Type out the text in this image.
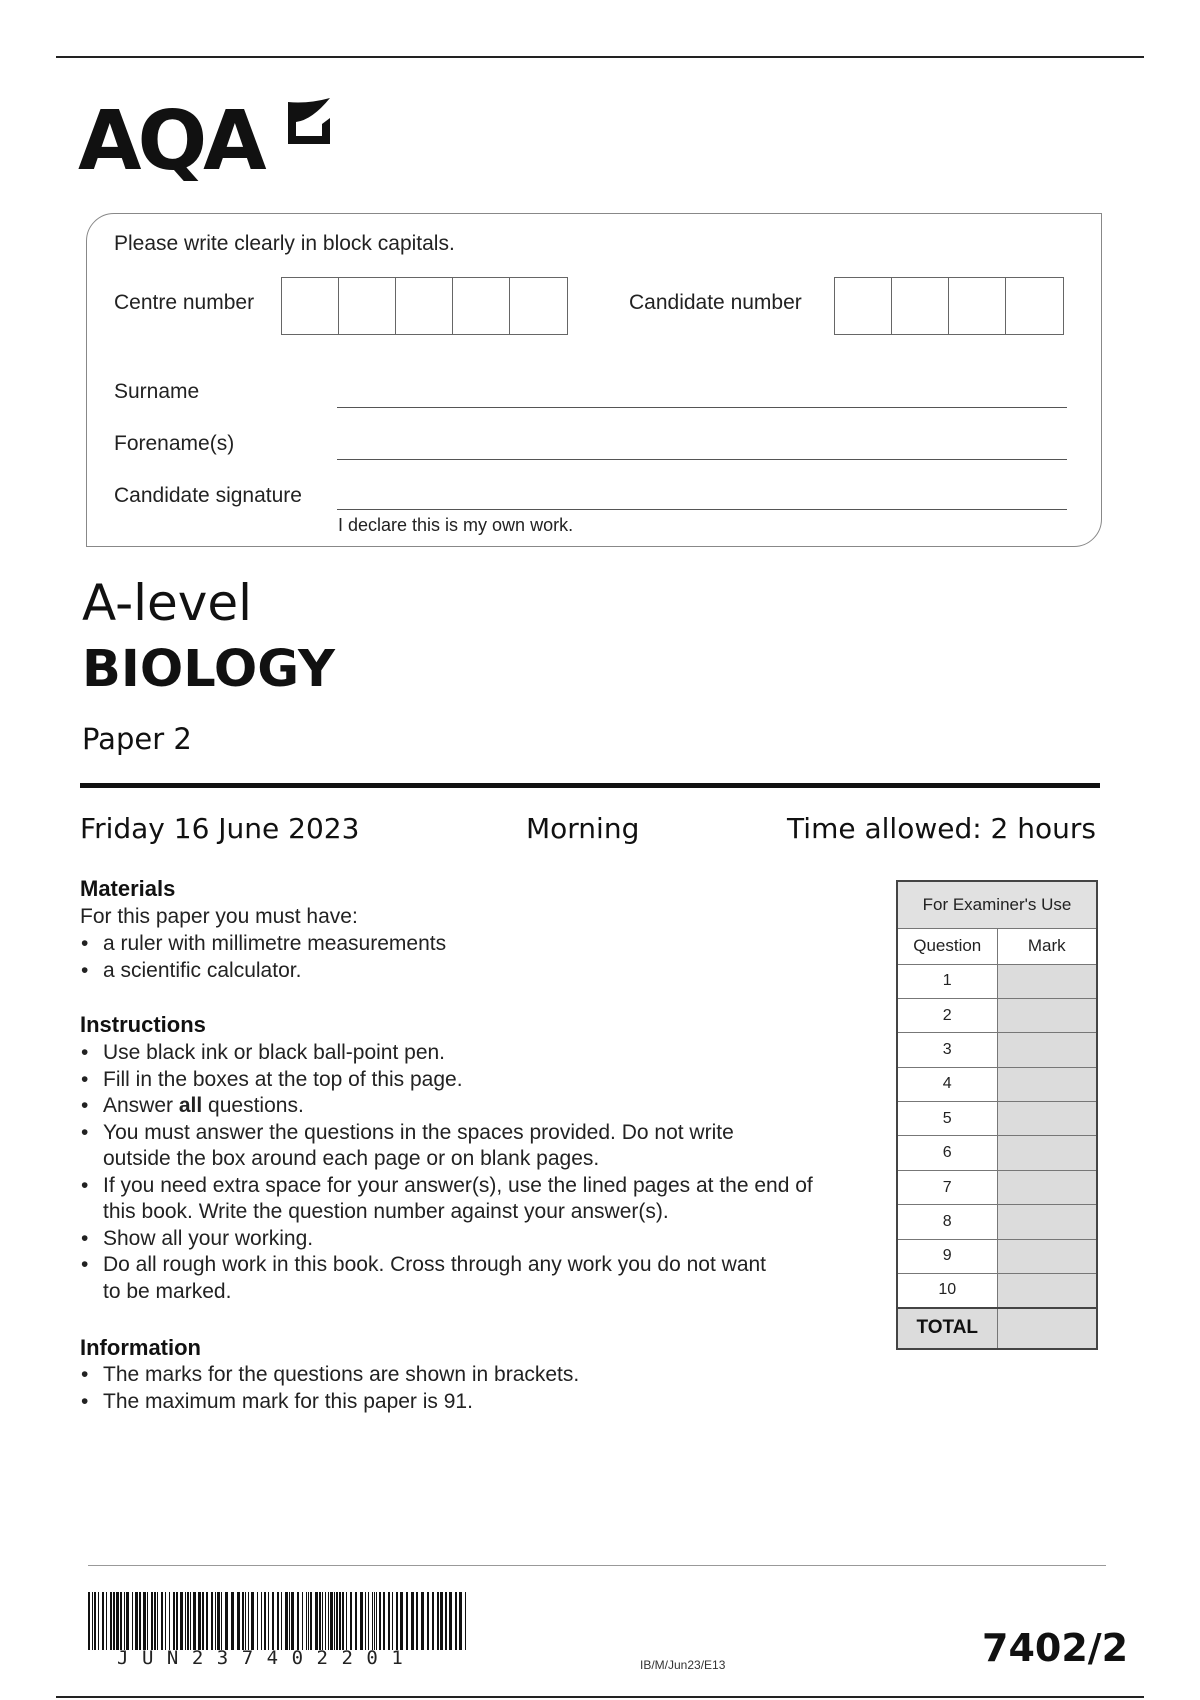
AQA
Please write clearly in block capitals.
Centre number	Candidate number
Surname
Forename(s)
Candidate signature
I declare this is my own work.
A-level
BIOLOGY
Paper 2
Friday 16 June 2023	Morning	Time allowed: 2 hours
Materials
For this paper you must have:
• a ruler with millimetre measurements
• a scientific calculator.
Instructions
• Use black ink or black ball-point pen.
• Fill in the boxes at the top of this page.
• Answer all questions.
• You must answer the questions in the spaces provided. Do not write
outside the box around each page or on blank pages.
• If you need extra space for your answer(s), use the lined pages at the end of
this book. Write the question number against your answer(s).
• Show all your working.
• Do all rough work in this book. Cross through any work you do not want
to be marked.
Information
• The marks for the questions are shown in brackets.
• The maximum mark for this paper is 91.
For Examiner's Use	
Question	Mark
1	
2	
3	
4	
5	
6	
7	
8	
9	
10	
TOTAL	
JUN237402201	IB/M/Jun23/E13	7402/2
